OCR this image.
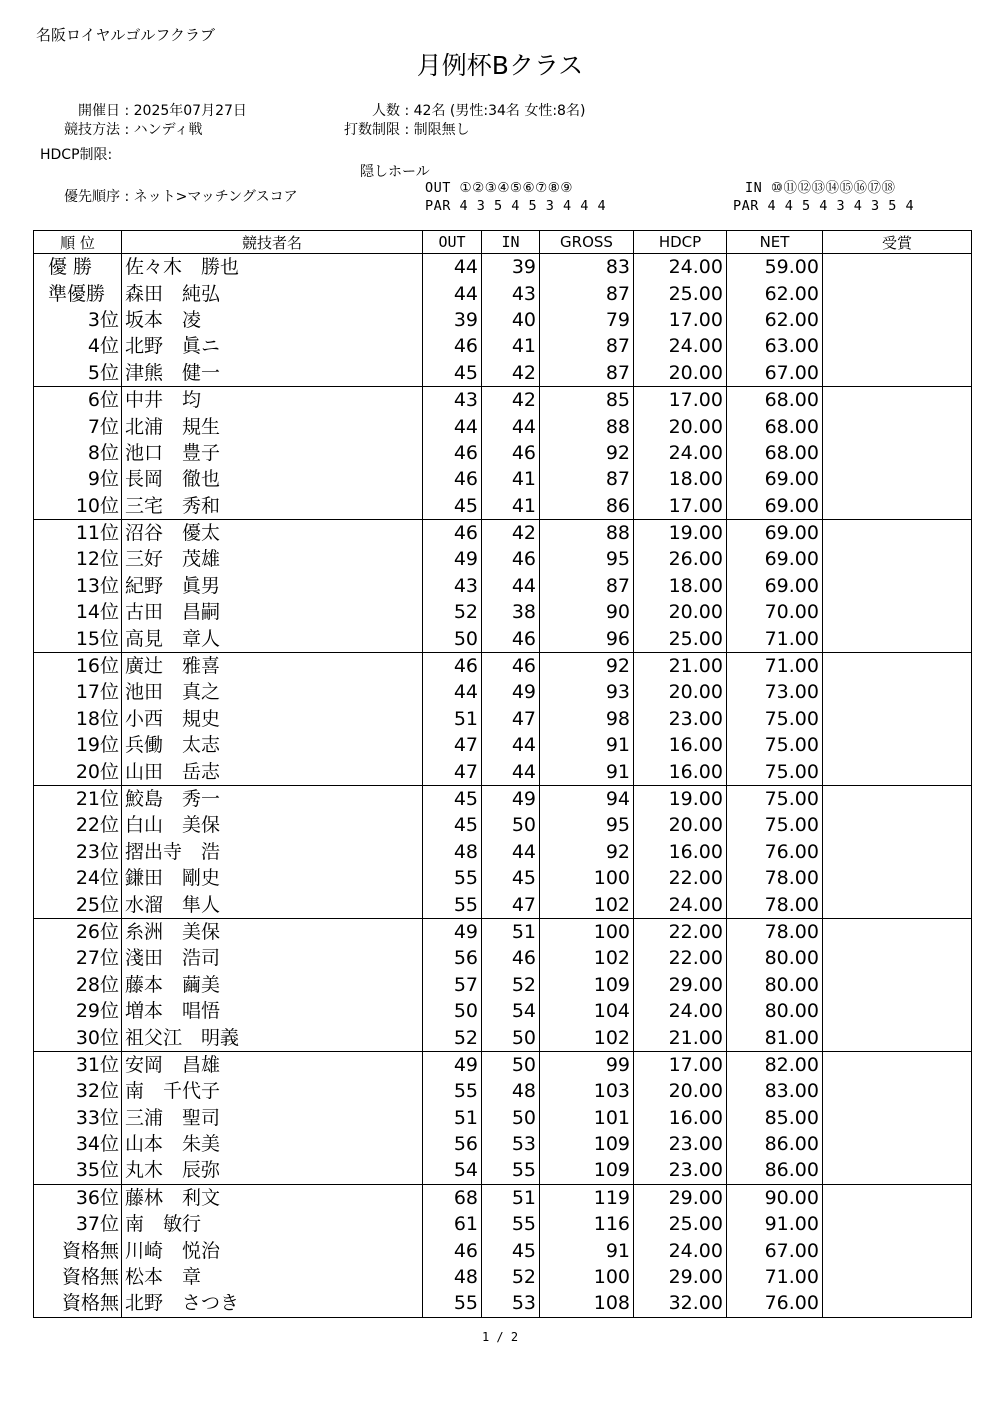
名阪ロイヤルゴルフクラブ
月例杯Bクラス
開催日 : 2025年07月27日
競技方法 : ハンディ戦
HDCP制限:
人数 : 42名 (男性:34名 女性:8名)
打数制限 : 制限無し
隠しホール
優先順序 : ネット>マッチングスコア
OUT ①②③④⑤⑥⑦⑧⑨
PAR 4 3 5 4 5 3 4 4 4
IN ⑩⑪⑫⑬⑭⑮⑯⑰⑱
PAR 4 4 5 4 3 4 3 5 4
順 位	競技者名	OUT	IN	GROSS	HDCP	NET	受賞
優 勝	佐々木　勝也	44	39	83	24.00	59.00	
準優勝	森田　純弘	44	43	87	25.00	62.00	
3位	坂本　凌	39	40	79	17.00	62.00	
4位	北野　眞ニ	46	41	87	24.00	63.00	
5位	津熊　健一	45	42	87	20.00	67.00	
6位	中井　均	43	42	85	17.00	68.00	
7位	北浦　規生	44	44	88	20.00	68.00	
8位	池口　豊子	46	46	92	24.00	68.00	
9位	長岡　徹也	46	41	87	18.00	69.00	
10位	三宅　秀和	45	41	86	17.00	69.00	
11位	沼谷　優太	46	42	88	19.00	69.00	
12位	三好　茂雄	49	46	95	26.00	69.00	
13位	紀野　眞男	43	44	87	18.00	69.00	
14位	古田　昌嗣	52	38	90	20.00	70.00	
15位	高見　章人	50	46	96	25.00	71.00	
16位	廣辻　雅喜	46	46	92	21.00	71.00	
17位	池田　真之	44	49	93	20.00	73.00	
18位	小西　規史	51	47	98	23.00	75.00	
19位	兵働　太志	47	44	91	16.00	75.00	
20位	山田　岳志	47	44	91	16.00	75.00	
21位	鮫島　秀一	45	49	94	19.00	75.00	
22位	白山　美保	45	50	95	20.00	75.00	
23位	摺出寺　浩	48	44	92	16.00	76.00	
24位	鎌田　剛史	55	45	100	22.00	78.00	
25位	水溜　隼人	55	47	102	24.00	78.00	
26位	糸洲　美保	49	51	100	22.00	78.00	
27位	淺田　浩司	56	46	102	22.00	80.00	
28位	藤本　繭美	57	52	109	29.00	80.00	
29位	増本　唱悟	50	54	104	24.00	80.00	
30位	祖父江　明義	52	50	102	21.00	81.00	
31位	安岡　昌雄	49	50	99	17.00	82.00	
32位	南　千代子	55	48	103	20.00	83.00	
33位	三浦　聖司	51	50	101	16.00	85.00	
34位	山本　朱美	56	53	109	23.00	86.00	
35位	丸木　辰弥	54	55	109	23.00	86.00	
36位	藤林　利文	68	51	119	29.00	90.00	
37位	南　敏行	61	55	116	25.00	91.00	
資格無	川崎　悦治	46	45	91	24.00	67.00	
資格無	松本　章	48	52	100	29.00	71.00	
資格無	北野　さつき	55	53	108	32.00	76.00	
1 / 2
